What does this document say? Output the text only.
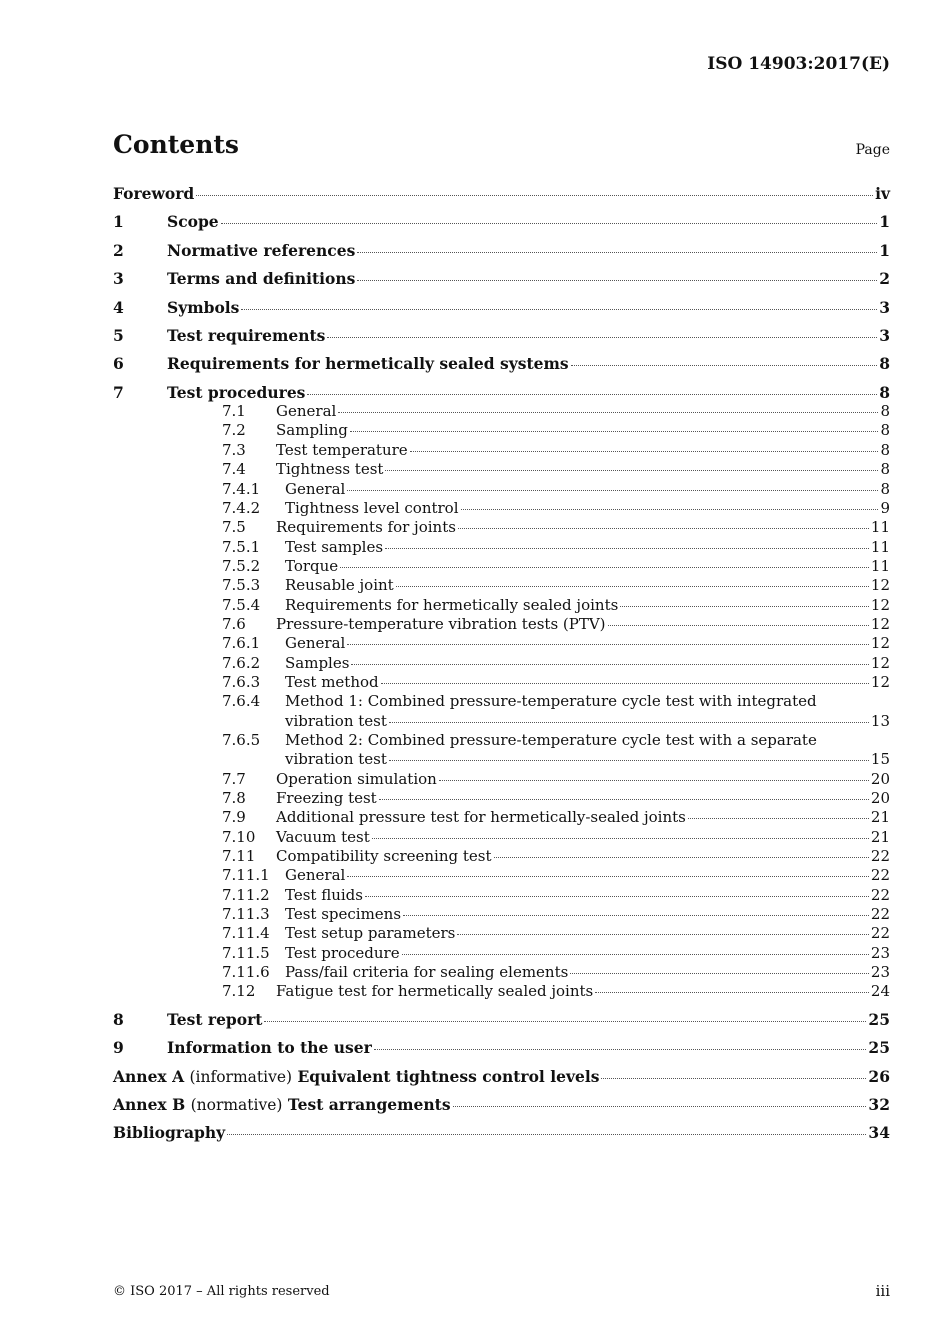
ISO 14903:2017(E)
Contents	Page
Foreword	iv
1	Scope	1
2	Normative references	1
3	Terms and definitions	2
4	Symbols	3
5	Test requirements	3
6	Requirements for hermetically sealed systems	8
7	Test procedures	8
7.1	General	8
7.2	Sampling	8
7.3	Test temperature	8
7.4	Tightness test	8
7.4.1	General	8
7.4.2	Tightness level control	9
7.5	Requirements for joints	11
7.5.1	Test samples	11
7.5.2	Torque	11
7.5.3	Reusable joint	12
7.5.4	Requirements for hermetically sealed joints	12
7.6	Pressure-temperature vibration tests (PTV)	12
7.6.1	General	12
7.6.2	Samples	12
7.6.3	Test method	12
7.6.4	Method 1: Combined pressure-temperature cycle test with integrated
vibration test	13
7.6.5	Method 2: Combined pressure-temperature cycle test with a separate
vibration test	15
7.7	Operation simulation	20
7.8	Freezing test	20
7.9	Additional pressure test for hermetically-sealed joints	21
7.10	Vacuum test	21
7.11	Compatibility screening test	22
7.11.1	General	22
7.11.2	Test fluids	22
7.11.3	Test specimens	22
7.11.4	Test setup parameters	22
7.11.5	Test procedure	23
7.11.6	Pass/fail criteria for sealing elements	23
7.12	Fatigue test for hermetically sealed joints	24
8	Test report	25
9	Information to the user	25
Annex A (informative) Equivalent tightness control levels	26
Annex B (normative) Test arrangements	32
Bibliography	34
© ISO 2017 – All rights reserved	iii
